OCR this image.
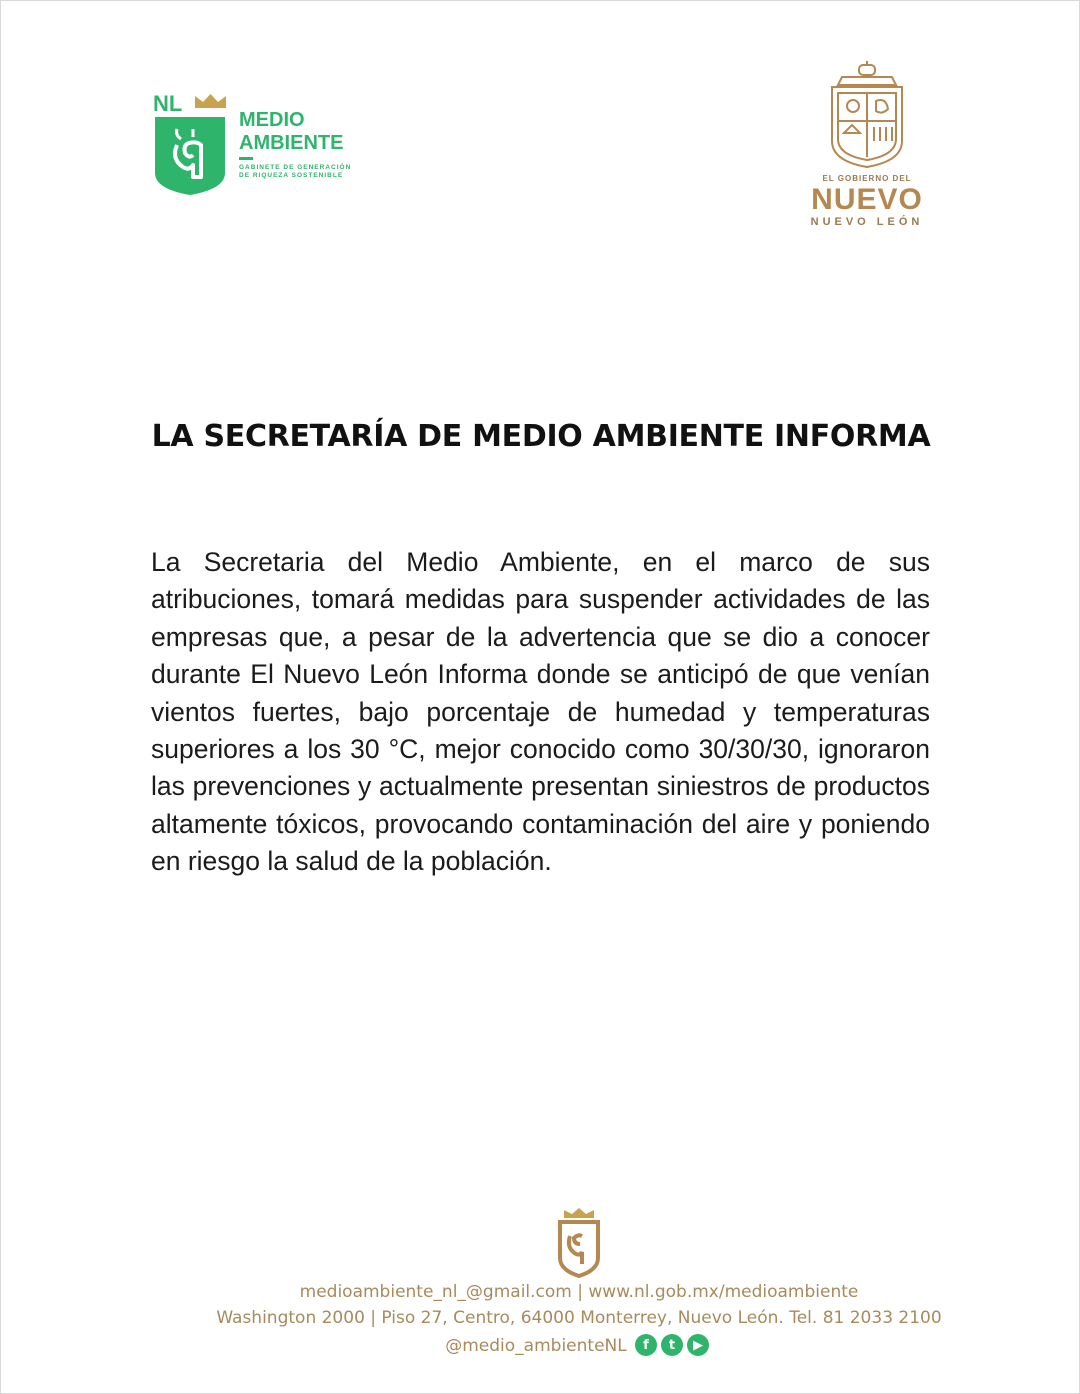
NL
MEDIO
AMBIENTE
GABINETE DE GENERACIÓN
DE RIQUEZA SOSTENIBLE	EL GOBIERNO DEL
NUEVO
NUEVO LEÓN
LA SECRETARÍA DE MEDIO AMBIENTE INFORMA

La Secretaria del Medio Ambiente, en el marco de sus atribuciones, tomará medidas para suspender actividades de las empresas que, a pesar de la advertencia que se dio a conocer durante El Nuevo León Informa donde se anticipó de que venían vientos fuertes, bajo porcentaje de humedad y temperaturas superiores a los 30 °C, mejor conocido como 30/30/30, ignoraron las prevenciones y actualmente presentan siniestros de productos altamente tóxicos, provocando contaminación del aire y poniendo en riesgo la salud de la población.

medioambiente_nl_@gmail.com | www.nl.gob.mx/medioambiente
Washington 2000 | Piso 27, Centro, 64000 Monterrey, Nuevo León. Tel. 81 2033 2100
@medio_ambienteNL	f	t	▶
